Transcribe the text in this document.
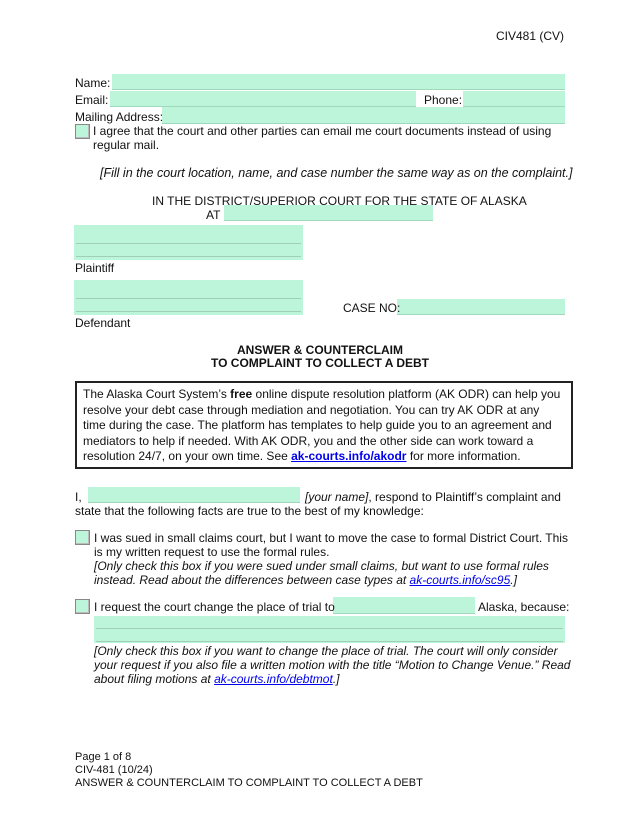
CIV481 (CV)
Name:
Email:	Phone:
Mailing Address:
I agree that the court and other parties can email me court documents instead of using
regular mail.
[Fill in the court location, name, and case number the same way as on the complaint.]
IN THE DISTRICT/SUPERIOR COURT FOR THE STATE OF ALASKA
AT
Plaintiff
Defendant
CASE NO:
ANSWER & COUNTERCLAIM
TO COMPLAINT TO COLLECT A DEBT
The Alaska Court System’s free online dispute resolution platform (AK ODR) can help you resolve your debt case through mediation and negotiation. You can try AK ODR at any time during the case. The platform has templates to help guide you to an agreement and mediators to help if needed. With AK ODR, you and the other side can work toward a resolution 24/7, on your own time. See ak-courts.info/akodr for more information.
I,	[your name], respond to Plaintiff’s complaint and
state that the following facts are true to the best of my knowledge:
I was sued in small claims court, but I want to move the case to formal District Court. This
is my written request to use the formal rules.
[Only check this box if you were sued under small claims, but want to use formal rules
instead. Read about the differences between case types at ak-courts.info/sc95.]
I request the court change the place of trial to	Alaska, because:
[Only check this box if you want to change the place of trial. The court will only consider
your request if you also file a written motion with the title “Motion to Change Venue.” Read
about filing motions at ak-courts.info/debtmot.]
Page 1 of 8
CIV-481 (10/24)
ANSWER & COUNTERCLAIM TO COMPLAINT TO COLLECT A DEBT
